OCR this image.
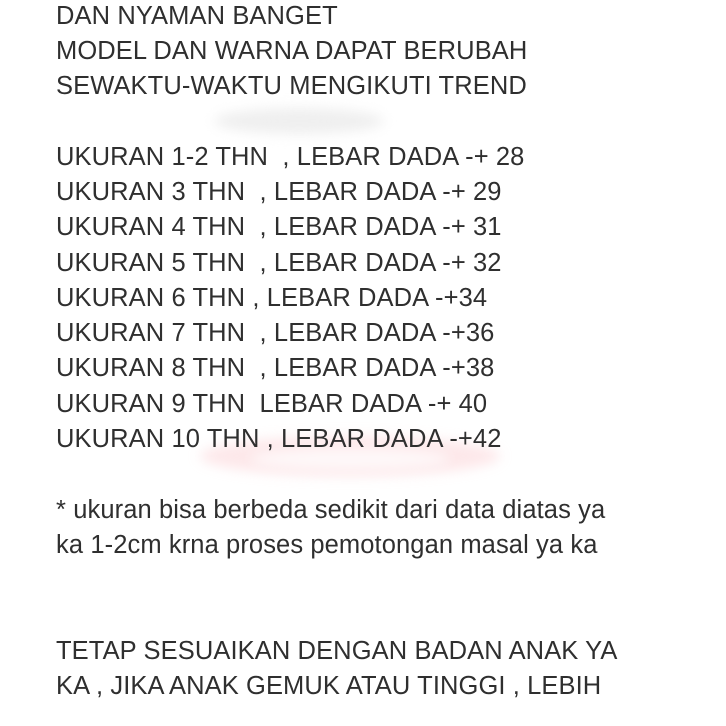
DAN NYAMAN BANGET
MODEL DAN WARNA DAPAT BERUBAH
SEWAKTU-WAKTU MENGIKUTI TREND
UKURAN 1-2 THN  , LEBAR DADA -+ 28
UKURAN 3 THN  , LEBAR DADA -+ 29
UKURAN 4 THN  , LEBAR DADA -+ 31
UKURAN 5 THN  , LEBAR DADA -+ 32
UKURAN 6 THN , LEBAR DADA -+34
UKURAN 7 THN  , LEBAR DADA -+36
UKURAN 8 THN  , LEBAR DADA -+38
UKURAN 9 THN  LEBAR DADA -+ 40
UKURAN 10 THN , LEBAR DADA -+42
* ukuran bisa berbeda sedikit dari data diatas ya
ka 1-2cm krna proses pemotongan masal ya ka
TETAP SESUAIKAN DENGAN BADAN ANAK YA
KA , JIKA ANAK GEMUK ATAU TINGGI , LEBIH
